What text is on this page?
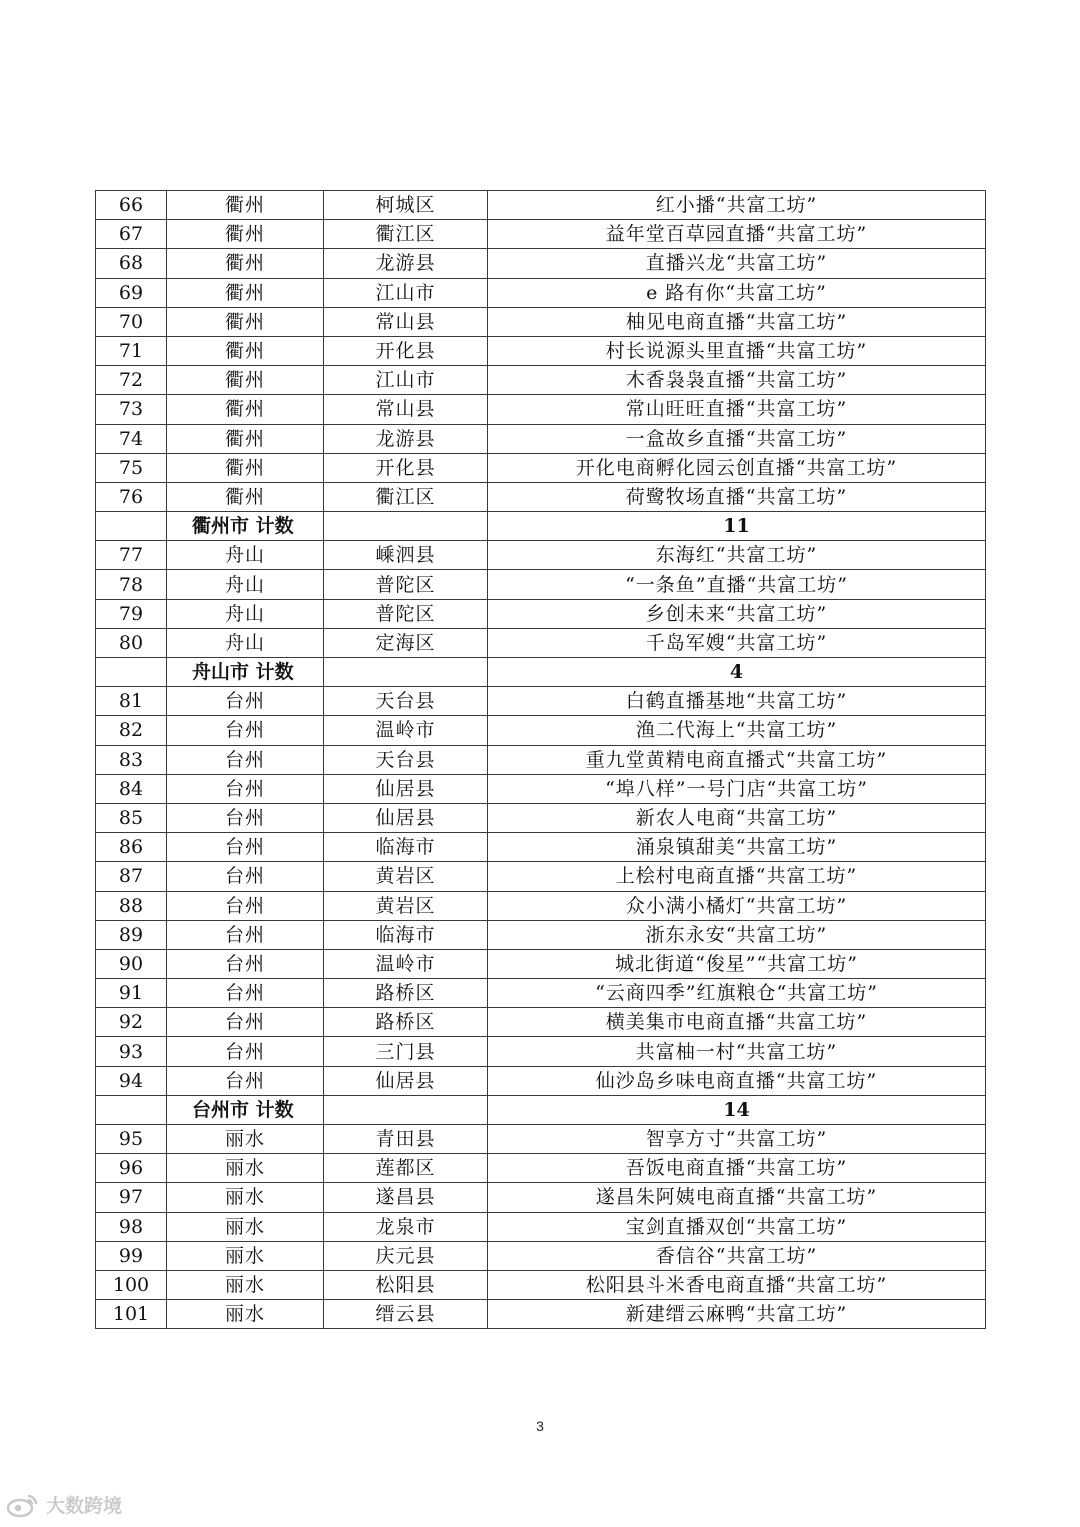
66	衢州	柯城区	红小播“共富工坊”
67	衢州	衢江区	益年堂百草园直播“共富工坊”
68	衢州	龙游县	直播兴龙“共富工坊”
69	衢州	江山市	e 路有你“共富工坊”
70	衢州	常山县	柚见电商直播“共富工坊”
71	衢州	开化县	村长说源头里直播“共富工坊”
72	衢州	江山市	木香袅袅直播“共富工坊”
73	衢州	常山县	常山旺旺直播“共富工坊”
74	衢州	龙游县	一盒故乡直播“共富工坊”
75	衢州	开化县	开化电商孵化园云创直播“共富工坊”
76	衢州	衢江区	荷鹭牧场直播“共富工坊”
	衢州市 计数		11
77	舟山	嵊泗县	东海红“共富工坊”
78	舟山	普陀区	“一条鱼”直播“共富工坊”
79	舟山	普陀区	乡创未来“共富工坊”
80	舟山	定海区	千岛军嫂“共富工坊”
	舟山市 计数		4
81	台州	天台县	白鹤直播基地“共富工坊”
82	台州	温岭市	渔二代海上“共富工坊”
83	台州	天台县	重九堂黄精电商直播式“共富工坊”
84	台州	仙居县	“埠八样”一号门店“共富工坊”
85	台州	仙居县	新农人电商“共富工坊”
86	台州	临海市	涌泉镇甜美“共富工坊”
87	台州	黄岩区	上桧村电商直播“共富工坊”
88	台州	黄岩区	众小满小橘灯“共富工坊”
89	台州	临海市	浙东永安“共富工坊”
90	台州	温岭市	城北街道“俊星”“共富工坊”
91	台州	路桥区	“云商四季”红旗粮仓“共富工坊”
92	台州	路桥区	横美集市电商直播“共富工坊”
93	台州	三门县	共富柚一村“共富工坊”
94	台州	仙居县	仙沙岛乡味电商直播“共富工坊”
	台州市 计数		14
95	丽水	青田县	智享方寸“共富工坊”
96	丽水	莲都区	吾饭电商直播“共富工坊”
97	丽水	遂昌县	遂昌朱阿姨电商直播“共富工坊”
98	丽水	龙泉市	宝剑直播双创“共富工坊”
99	丽水	庆元县	香信谷“共富工坊”
100	丽水	松阳县	松阳县斗米香电商直播“共富工坊”
101	丽水	缙云县	新建缙云麻鸭“共富工坊”
3
大数跨境
